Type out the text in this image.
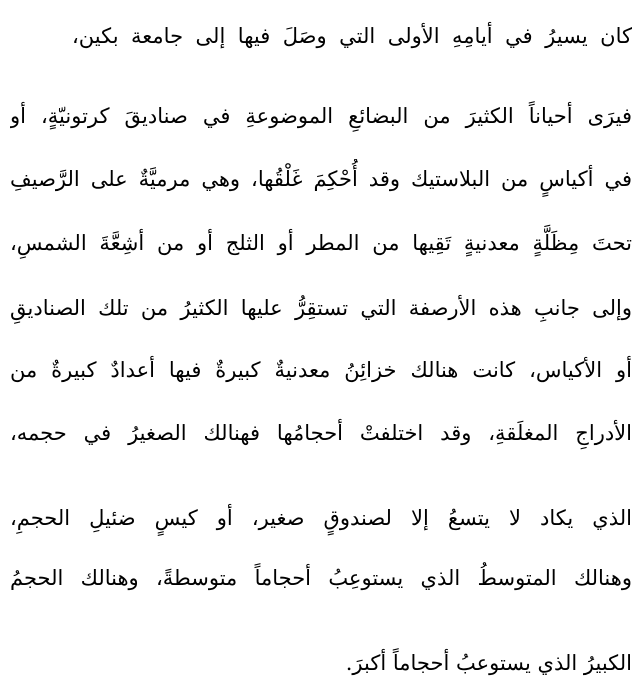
كان يسيرُ في أيامِهِ الأولى التي وصَلَ فيها إلى جامعة بكين،
فيرَى أحياناً الكثيرَ من البضائعِ الموضوعةِ في صناديقَ كرتونيّةٍ، أو
في أكياسٍ من البلاستيك وقد أُحْكِمَ غَلْقُها، وهي مرميَّةٌ على الرَّصيفِ
تحتَ مِظَلَّةٍ معدنيةٍ تَقِيها من المطر أو الثلج أو من أشِعَّةَ الشمسِ،
وإلى جانبِ هذه الأرصفة التي تستقِرُّ عليها الكثيرُ من تلك الصناديقِ
أو الأكياس، كانت هنالك خزائِنُ معدنيةٌ كبيرةٌ فيها أعدادٌ كبيرةٌ من
الأدراجِ المغلَقةِ، وقد اختلفتْ أحجامُها فهنالك الصغيرُ في حجمه،
الذي يكاد لا يتسعُ إلا لصندوقٍ صغير، أو كيسٍ ضئيلِ الحجمِ،
وهنالك المتوسطُ الذي يستوعِبُ أحجاماً متوسطةً، وهنالك الحجمُ
الكبيرُ الذي يستوعبُ أحجاماً أكبرَ.
